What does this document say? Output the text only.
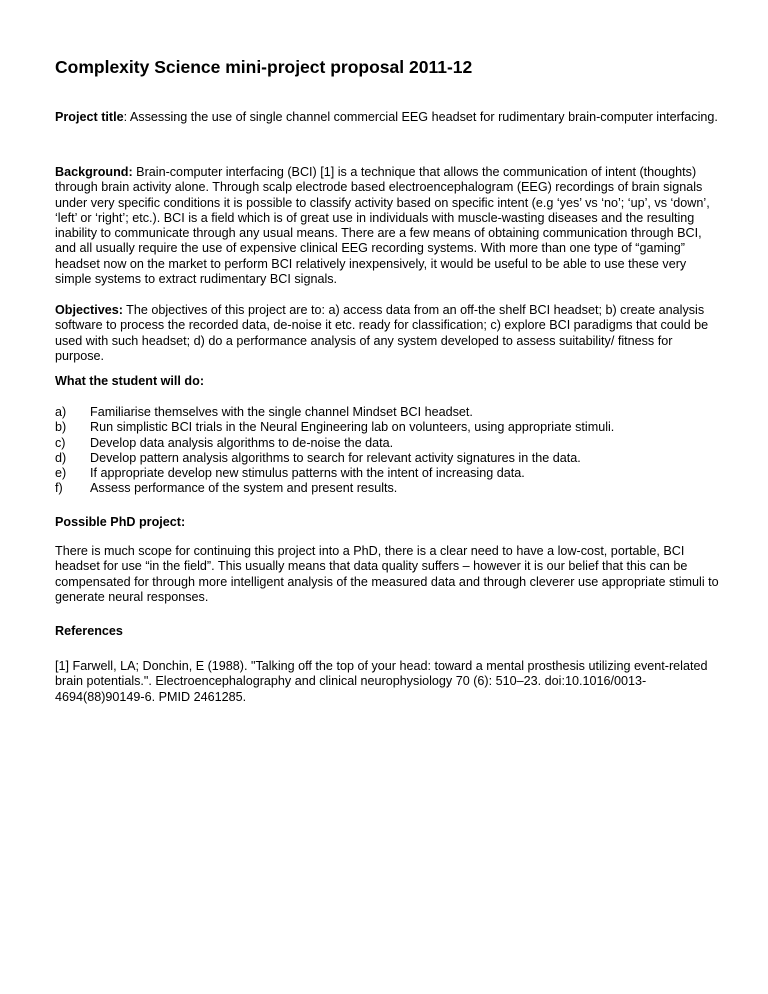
Complexity Science mini-project proposal 2011-12

Project title: Assessing the use of single channel commercial EEG headset for rudimentary brain-computer interfacing.

Background: Brain-computer interfacing (BCI) [1] is a technique that allows the communication of intent (thoughts) through brain activity alone. Through scalp electrode based electroencephalogram (EEG) recordings of brain signals under very specific conditions it is possible to classify activity based on specific intent (e.g ‘yes’ vs ‘no’; ‘up’, vs ‘down’, ‘left’ or ‘right’; etc.). BCI is a field which is of great use in individuals with muscle-wasting diseases and the resulting inability to communicate through any usual means. There are a few means of obtaining communication through BCI, and all usually require the use of expensive clinical EEG recording systems. With more than one type of “gaming” headset now on the market to perform BCI relatively inexpensively, it would be useful to be able to use these very simple systems to extract rudimentary BCI signals.

Objectives: The objectives of this project are to: a) access data from an off-the shelf BCI headset; b) create analysis software to process the recorded data, de-noise it etc. ready for classification; c) explore BCI paradigms that could be used with such headset; d) do a performance analysis of any system developed to assess suitability/ fitness for purpose.

What the student will do:
a)	Familiarise themselves with the single channel Mindset BCI headset.
b)	Run simplistic BCI trials in the Neural Engineering lab on volunteers, using appropriate stimuli.
c)	Develop data analysis algorithms to de-noise the data.
d)	Develop pattern analysis algorithms to search for relevant activity signatures in the data.
e)	If appropriate develop new stimulus patterns with the intent of increasing data.
f)	Assess performance of the system and present results.
Possible PhD project:

There is much scope for continuing this project into a PhD, there is a clear need to have a low-cost, portable, BCI headset for use “in the field”. This usually means that data quality suffers – however it is our belief that this can be compensated for through more intelligent analysis of the measured data and through cleverer use appropriate stimuli to generate neural responses.

References

[1] Farwell, LA; Donchin, E (1988). "Talking off the top of your head: toward a mental prosthesis utilizing event-related brain potentials.". Electroencephalography and clinical neurophysiology 70 (6): 510–23. doi:10.1016/0013-4694(88)90149-6. PMID 2461285.
